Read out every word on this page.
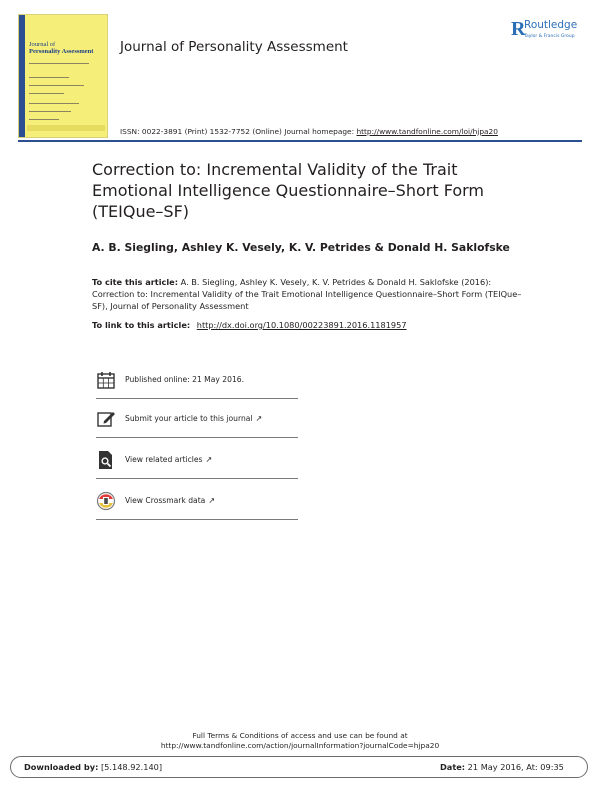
Journal of
Personality Assessment	Journal of Personality Assessment
R
Routledge
Taylor & Francis Group
ISSN: 0022-3891 (Print) 1532-7752 (Online) Journal homepage: http://www.tandfonline.com/loi/hjpa20
Correction to: Incremental Validity of the Trait Emotional Intelligence Questionnaire–Short Form (TEIQue–SF)
A. B. Siegling, Ashley K. Vesely, K. V. Petrides & Donald H. Saklofske
To cite this article: A. B. Siegling, Ashley K. Vesely, K. V. Petrides & Donald H. Saklofske (2016): Correction to: Incremental Validity of the Trait Emotional Intelligence Questionnaire–Short Form (TEIQue–SF), Journal of Personality Assessment
To link to this article: http://dx.doi.org/10.1080/00223891.2016.1181957
Published online: 21 May 2016.
Submit your article to this journal ↗
View related articles ↗
View Crossmark data ↗
Full Terms & Conditions of access and use can be found at
http://www.tandfonline.com/action/journalInformation?journalCode=hjpa20
Downloaded by: [5.148.92.140]	Date: 21 May 2016, At: 09:35
